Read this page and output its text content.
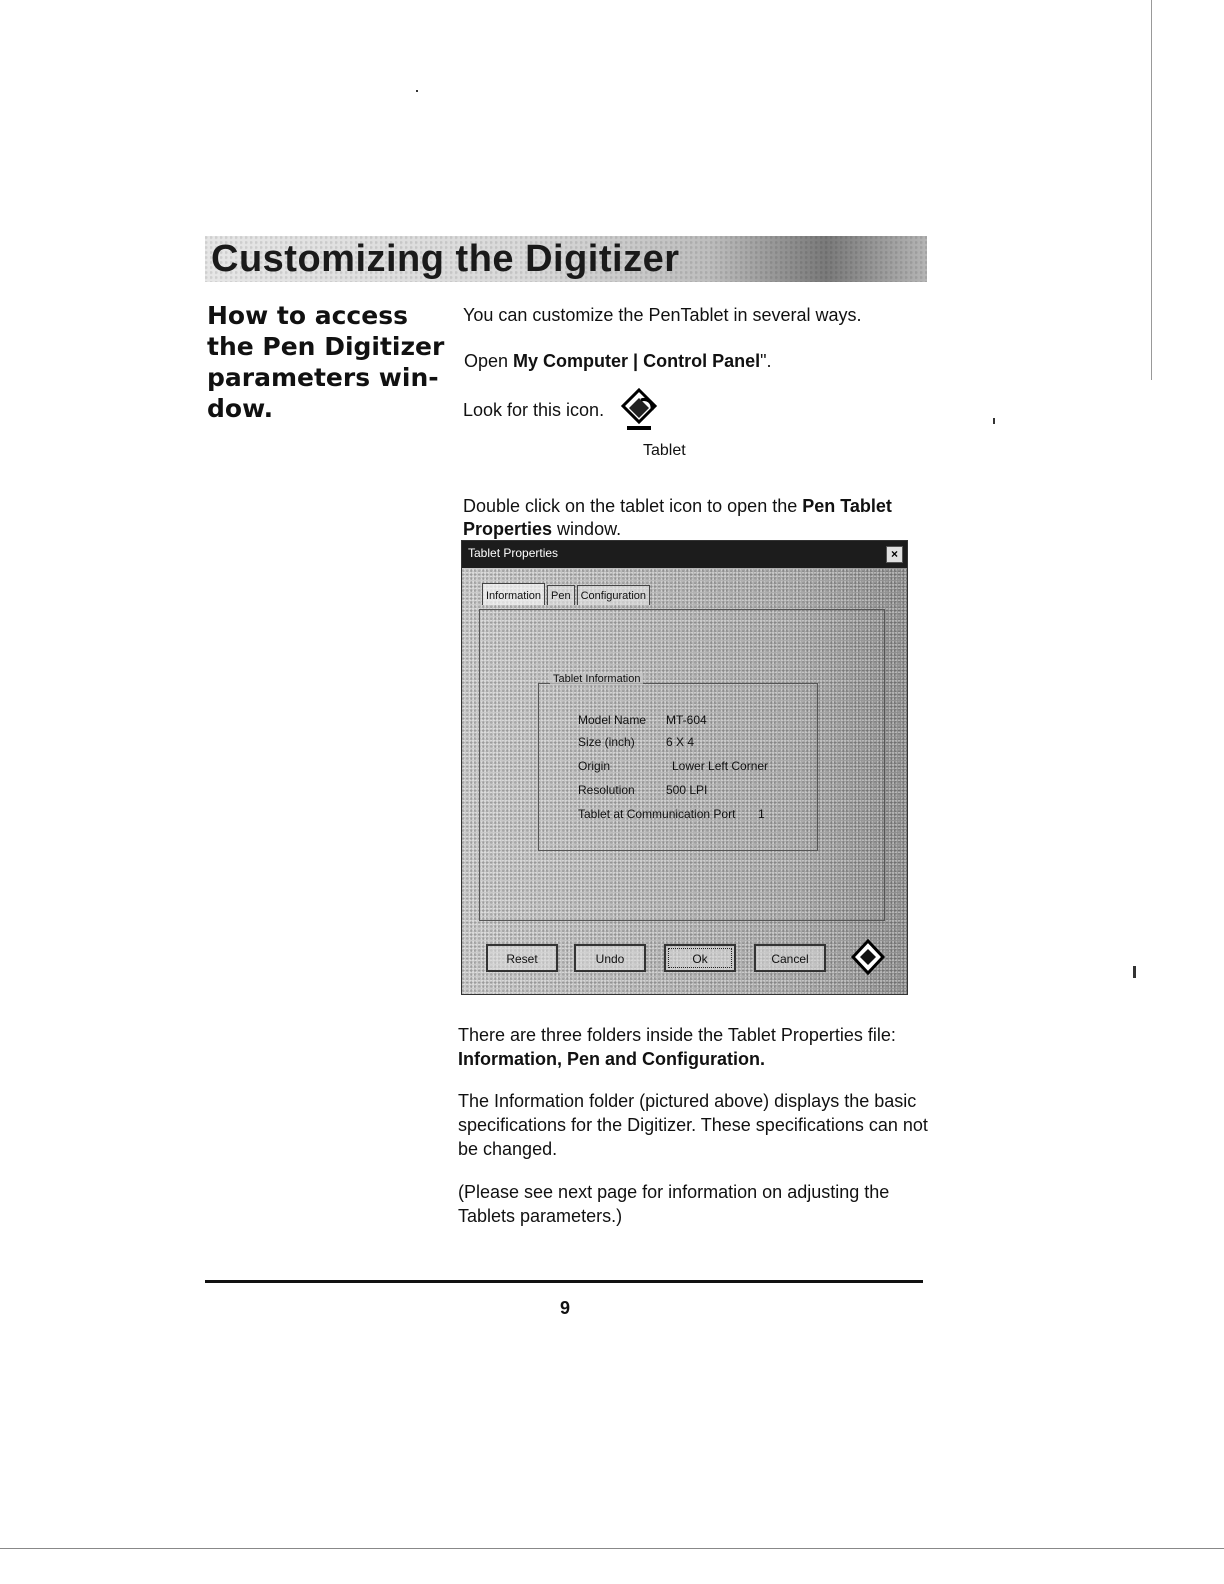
Customizing the Digitizer
How to access the Pen Digitizer parameters win-dow.
You can customize the PenTablet in several ways.
Open My Computer | Control Panel".
Look for this icon.
Tablet
Double click on the tablet icon to open the Pen Tablet Properties window.
Tablet Properties	×
Information Pen Configuration
Tablet Information
Model Name MT-604
Size (inch)	6 X 4
Origin	Lower Left Corner
Resolution	500 LPI
Tablet at Communication Port 1
Reset	Undo	Ok	Cancel
There are three folders inside the Tablet Properties file:
Information, Pen and Configuration.
The Information folder (pictured above) displays the basic specifications for the Digitizer. These specifications can not be changed.
(Please see next page for information on adjusting the Tablets parameters.)
9
